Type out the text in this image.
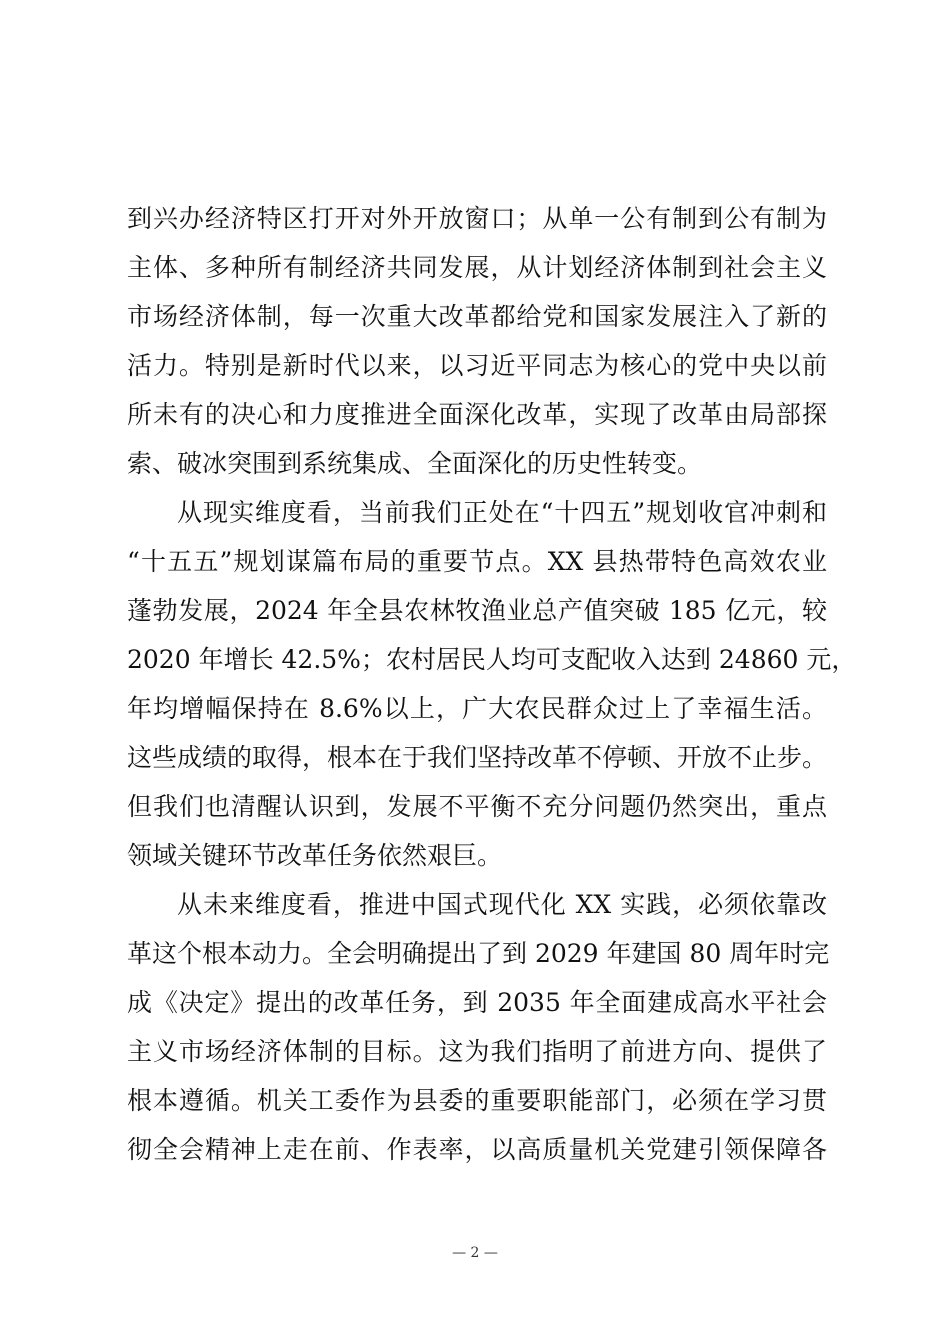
到兴办经济特区打开对外开放窗口；从单一公有制到公有制为
主体、多种所有制经济共同发展，从计划经济体制到社会主义
市场经济体制，每一次重大改革都给党和国家发展注入了新的
活力。特别是新时代以来，以习近平同志为核心的党中央以前
所未有的决心和力度推进全面深化改革，实现了改革由局部探
索、破冰突围到系统集成、全面深化的历史性转变。
从现实维度看，当前我们正处在“十四五”规划收官冲刺和
“十五五”规划谋篇布局的重要节点。XX 县热带特色高效农业
蓬勃发展，2024 年全县农林牧渔业总产值突破 185 亿元，较
2020 年增长 42.5%；农村居民人均可支配收入达到 24860 元，
年均增幅保持在 8.6%以上，广大农民群众过上了幸福生活。
这些成绩的取得，根本在于我们坚持改革不停顿、开放不止步。
但我们也清醒认识到，发展不平衡不充分问题仍然突出，重点
领域关键环节改革任务依然艰巨。
从未来维度看，推进中国式现代化 XX 实践，必须依靠改
革这个根本动力。全会明确提出了到 2029 年建国 80 周年时完
成《决定》提出的改革任务，到 2035 年全面建成高水平社会
主义市场经济体制的目标。这为我们指明了前进方向、提供了
根本遵循。机关工委作为县委的重要职能部门，必须在学习贯
彻全会精神上走在前、作表率，以高质量机关党建引领保障各
— 2 —
